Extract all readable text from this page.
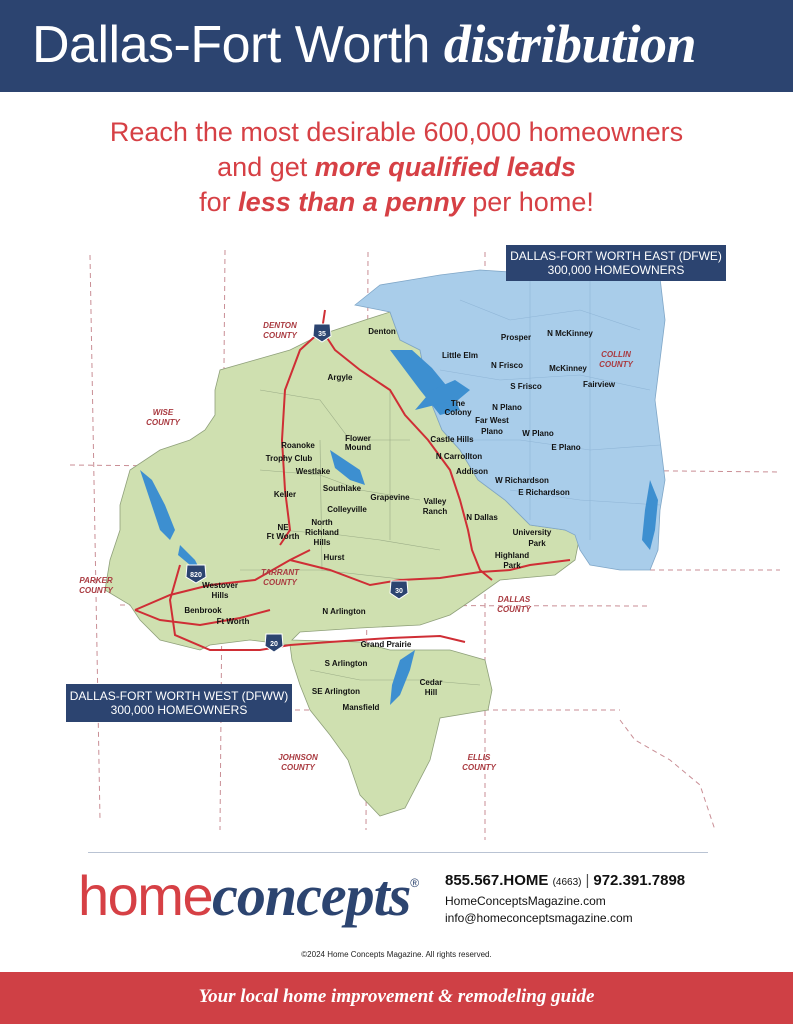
Dallas-Fort Worth distribution
Reach the most desirable 600,000 homeowners
and get more qualified leads
for less than a penny per home!
35
820
30
20
DENTON
COUNTY
COLLIN
COUNTY
WISE
COUNTY
PARKER
COUNTY
TARRANT
COUNTY
DALLAS
COUNTY
JOHNSON
COUNTY
ELLIS
COUNTY
Denton
Argyle
Prosper N McKinney
Little Elm
N Frisco	McKinney
Fairview
S Frisco
The
Colony
N Plano
Far West
Plano W Plano
Castle Hills
E Plano
N Carrollton
Addison
W Richardson
E Richardson
Flower
Mound
Roanoke
Trophy Club
Westlake
Keller
Southlake
Grapevine Valley
Ranch
N Dallas
Colleyville
NE
Ft Worth
North
Richland
Hills
Hurst
University
Park
Highland
Park
Westover
Hills
Benbrook
Ft Worth
N Arlington
Grand Prairie
S Arlington
Cedar
Hill
SE Arlington
Mansfield
DALLAS-FORT WORTH EAST (DFWE)
300,000 HOMEOWNERS
DALLAS-FORT WORTH WEST (DFWW)
300,000 HOMEOWNERS
homeconcepts® 855.567.HOME (4663) | 972.391.7898
HomeConceptsMagazine.com
info@homeconceptsmagazine.com
©2024 Home Concepts Magazine. All rights reserved.
Your local home improvement & remodeling guide
